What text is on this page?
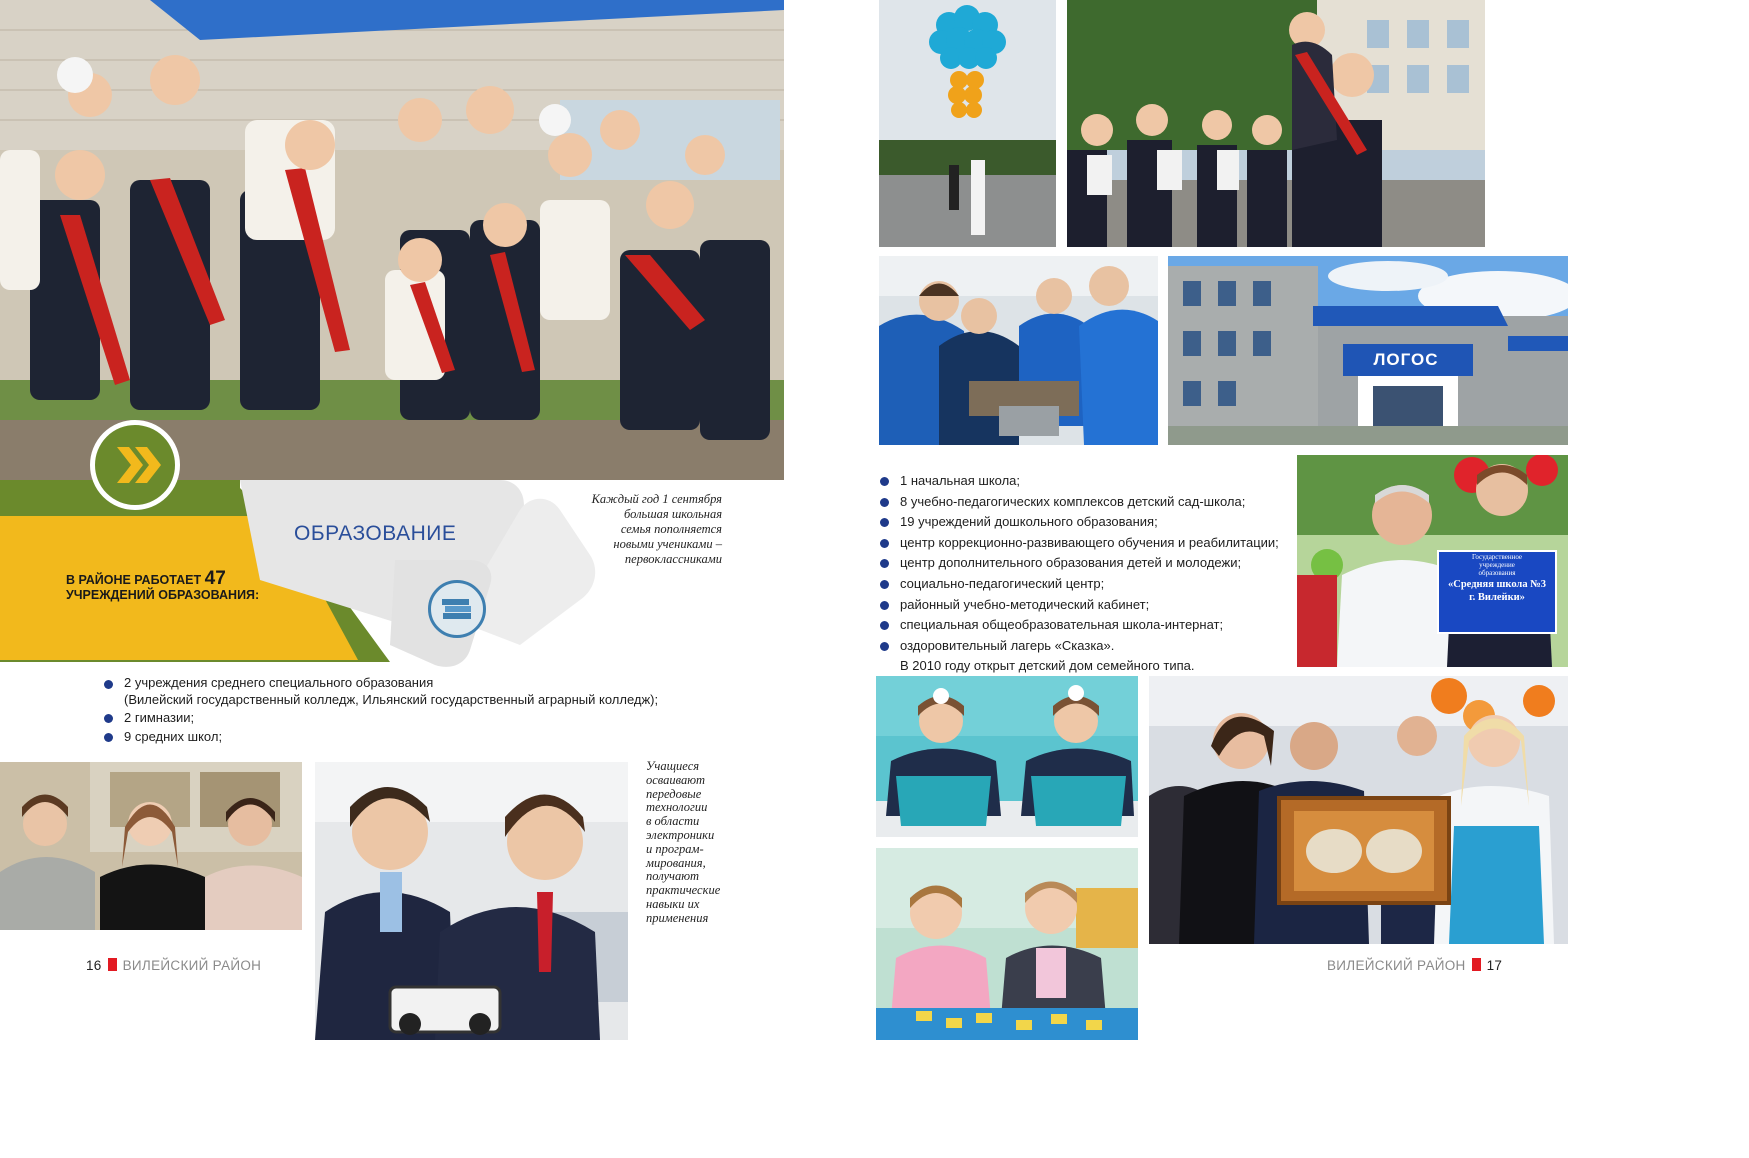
ОБРАЗОВАНИЕ
В РАЙОНЕ РАБОТАЕТ 47
УЧРЕЖДЕНИЙ ОБРАЗОВАНИЯ:
Каждый год 1 сентября
большая школьная
семья пополняется
новыми учениками –
первоклассниками
2 учреждения среднего специального образования
(Вилейский государственный колледж, Ильянский государственный аграрный колледж);
2 гимназии;
9 средних школ;
Учащиеся
осваивают
передовые
технологии
в области
электроники
и програм-
мирования,
получают
практические
навыки их
применения
16 ВИЛЕЙСКИЙ РАЙОН
ЛОГОС
1 начальная школа;
8 учебно-педагогических комплексов детский сад-школа;
19 учреждений дошкольного образования;
центр коррекционно-развивающего обучения и реабилитации;
центр дополнительного образования детей и молодежи;
социально-педагогический центр;
районный учебно-методический кабинет;
специальная общеобразовательная школа-интернат;
оздоровительный лагерь «Сказка».
В 2010 году открыт детский дом семейного типа.
Государственное
учреждение
образования
«Средняя школа №3
г. Вилейки»
ВИЛЕЙСКИЙ РАЙОН 17
